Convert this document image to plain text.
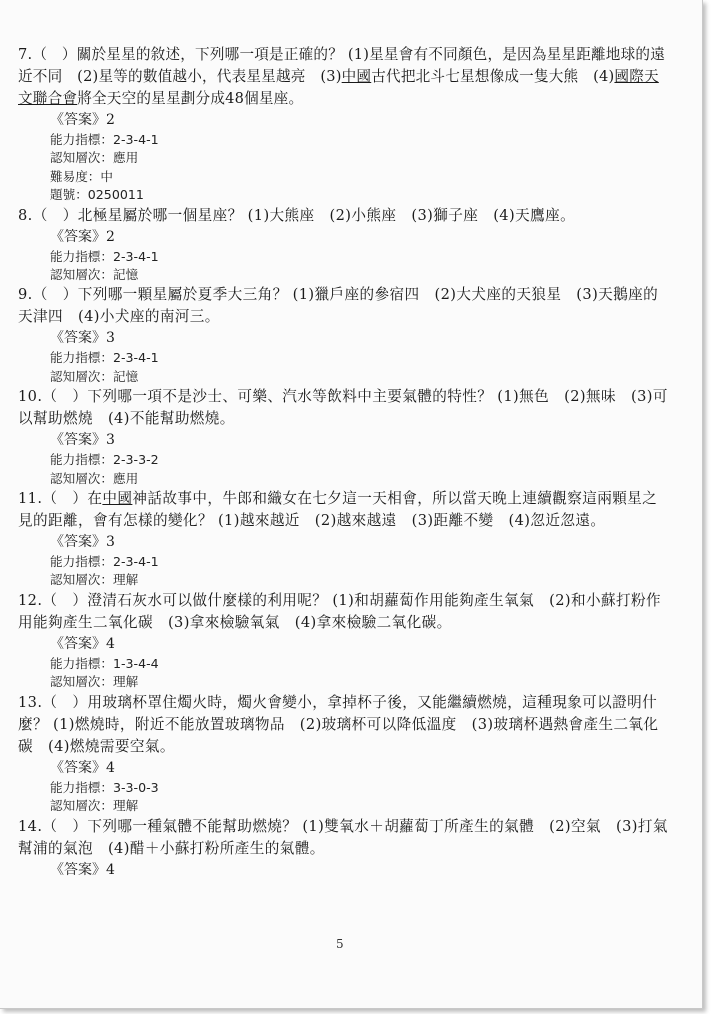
7.（　）關於星星的敘述，下列哪一項是正確的？ (1)星星會有不同顏色，是因為星星距離地球的遠近不同　(2)星等的數值越小，代表星星越亮　(3)中國古代把北斗七星想像成一隻大熊　(4)國際天文聯合會將全天空的星星劃分成48個星座。

《答案》2
能力指標：2-3-4-1
認知層次：應用
難易度：中
題號：0250011

8.（　）北極星屬於哪一個星座？ (1)大熊座　(2)小熊座　(3)獅子座　(4)天鷹座。

《答案》2
能力指標：2-3-4-1
認知層次：記憶

9.（　）下列哪一顆星屬於夏季大三角？ (1)獵戶座的參宿四　(2)大犬座的天狼星　(3)天鵝座的天津四　(4)小犬座的南河三。

《答案》3
能力指標：2-3-4-1
認知層次：記憶

10.（　）下列哪一項不是沙士、可樂、汽水等飲料中主要氣體的特性？ (1)無色　(2)無味　(3)可以幫助燃燒　(4)不能幫助燃燒。

《答案》3
能力指標：2-3-3-2
認知層次：應用

11.（　）在中國神話故事中，牛郎和織女在七夕這一天相會，所以當天晚上連續觀察這兩顆星之見的距離，會有怎樣的變化？ (1)越來越近　(2)越來越遠　(3)距離不變　(4)忽近忽遠。

《答案》3
能力指標：2-3-4-1
認知層次：理解

12.（　）澄清石灰水可以做什麼樣的利用呢？ (1)和胡蘿蔔作用能夠產生氧氣　(2)和小蘇打粉作用能夠產生二氧化碳　(3)拿來檢驗氧氣　(4)拿來檢驗二氧化碳。

《答案》4
能力指標：1-3-4-4
認知層次：理解

13.（　）用玻璃杯罩住燭火時，燭火會變小，拿掉杯子後，又能繼續燃燒，這種現象可以證明什麼？ (1)燃燒時，附近不能放置玻璃物品　(2)玻璃杯可以降低溫度　(3)玻璃杯遇熱會產生二氧化碳　(4)燃燒需要空氣。

《答案》4
能力指標：3-3-0-3
認知層次：理解

14.（　）下列哪一種氣體不能幫助燃燒？ (1)雙氧水＋胡蘿蔔丁所產生的氣體　(2)空氣　(3)打氣幫浦的氣泡　(4)醋＋小蘇打粉所產生的氣體。

《答案》4
5
